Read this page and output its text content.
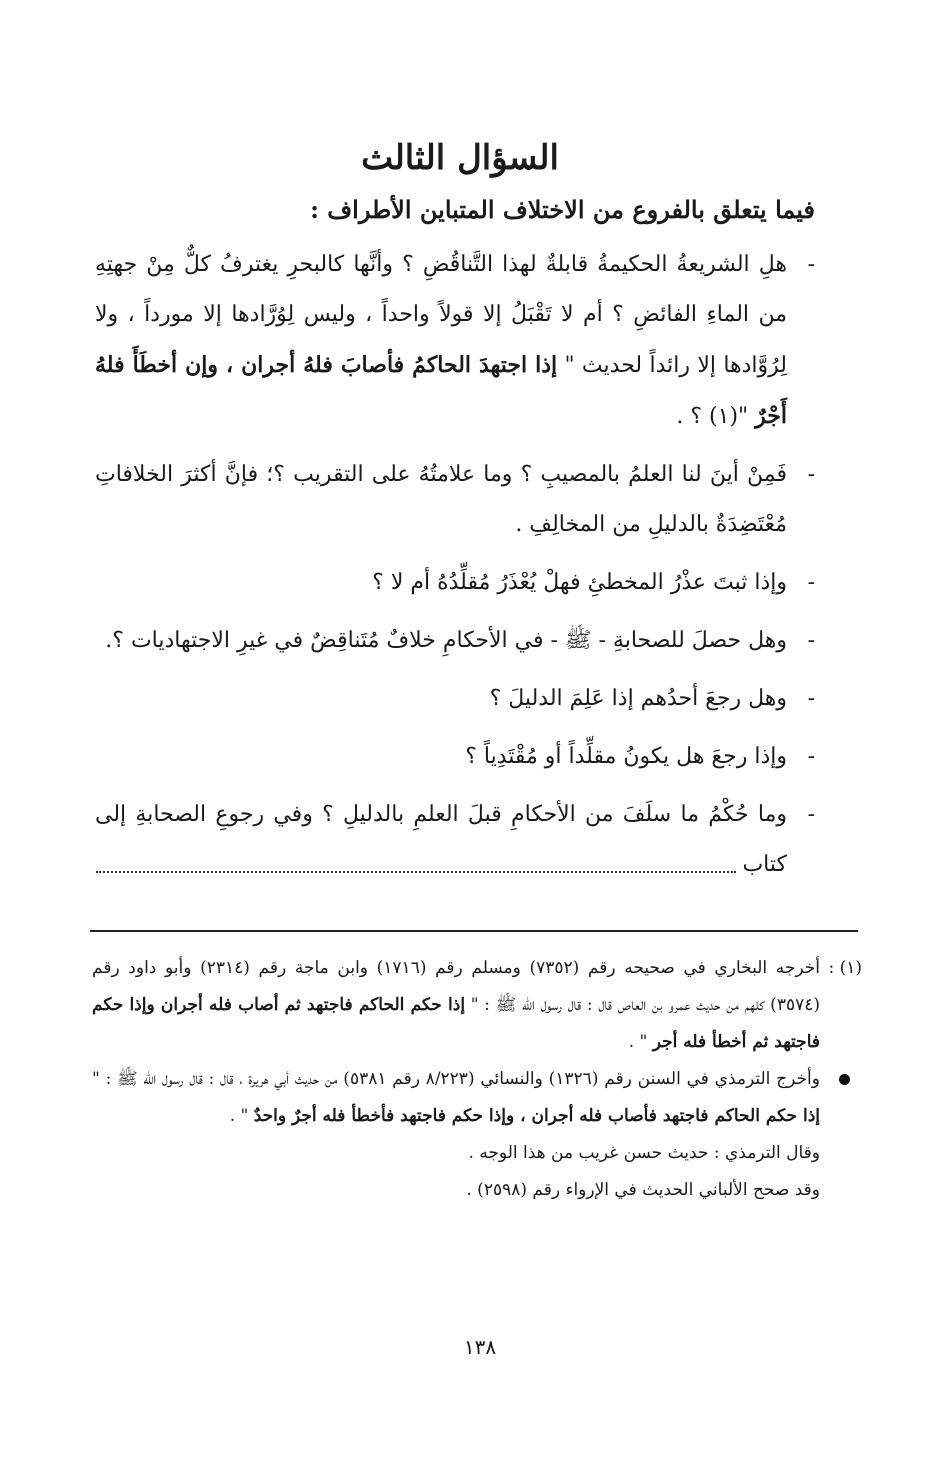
السؤال الثالث
فيما يتعلق بالفروع من الاختلاف المتباين الأطراف :
-
هلِ الشريعةُ الحكيمةُ قابلةٌ لهذا التَّناقُضِ ؟ وأنَّها كالبحرِ يغترفُ كلٌّ مِنْ جهتِهِ من الماءِ الفائضِ ؟ أم لا تَقْبَلُ إلا قولاً واحداً ، وليس لِوُرَّادها إلا مورداً ، ولا لِرُوَّادها إلا رائداً لحديث " إذا اجتهدَ الحاكمُ فأصابَ فلهُ أجران ، وإن أخطَأَ فلهُ أَجْرٌ "(١) ؟ .
-
فَمِنْ أينَ لنا العلمُ بالمصيبِ ؟ وما علامتُهُ على التقريب ؟؛ فإنَّ أكثرَ الخلافاتِ مُعْتَضِدَةٌ بالدليلِ من المخالِفِ .
-
وإذا ثبتَ عذْرُ المخطئِ فهلْ يُعْذَرُ مُقلِّدُهُ أم لا ؟
-
وهل حصلَ للصحابةِ - ﷺ - في الأحكامِ خلافٌ مُتَناقِضٌ في غيرِ الاجتهاديات ؟.
-
وهل رجعَ أحدُهم إذا عَلِمَ الدليلَ ؟
-
وإذا رجعَ هل يكونُ مقلِّداً أو مُقْتَدِياً ؟
-
وما حُكْمُ ما سلَفَ من الأحكامِ قبلَ العلمِ بالدليلِ ؟ وفي رجوعِ الصحابةِ إلى كتاب

(١) :
أخرجه البخاري في صحيحه رقم (٧٣٥٢) ومسلم رقم (١٧١٦) وابن ماجة رقم (٢٣١٤) وأبو داود رقم (٣٥٧٤) كلهم من حديث عمرو بن العاص قال : قال رسول الله ﷺ : " إذا حكم الحاكم فاجتهد ثم أصاب فله أجران وإذا حكم فاجتهد ثم أخطأ فله أجر " .

وأخرج الترمذي في السنن رقم (١٣٢٦) والنسائي (٨/٢٢٣ رقم ٥٣٨١) من حديث أبي هريرة ، قال : قال رسول الله ﷺ : " إذا حكم الحاكم فاجتهد فأصاب فله أجران ، وإذا حكم فاجتهد فأخطأ فله أجرٌ واحدٌ " .

وقال الترمذي : حديث حسن غريب من هذا الوجه .

وقد صحح الألباني الحديث في الإرواء رقم (٢٥٩٨) .

١٣٨
